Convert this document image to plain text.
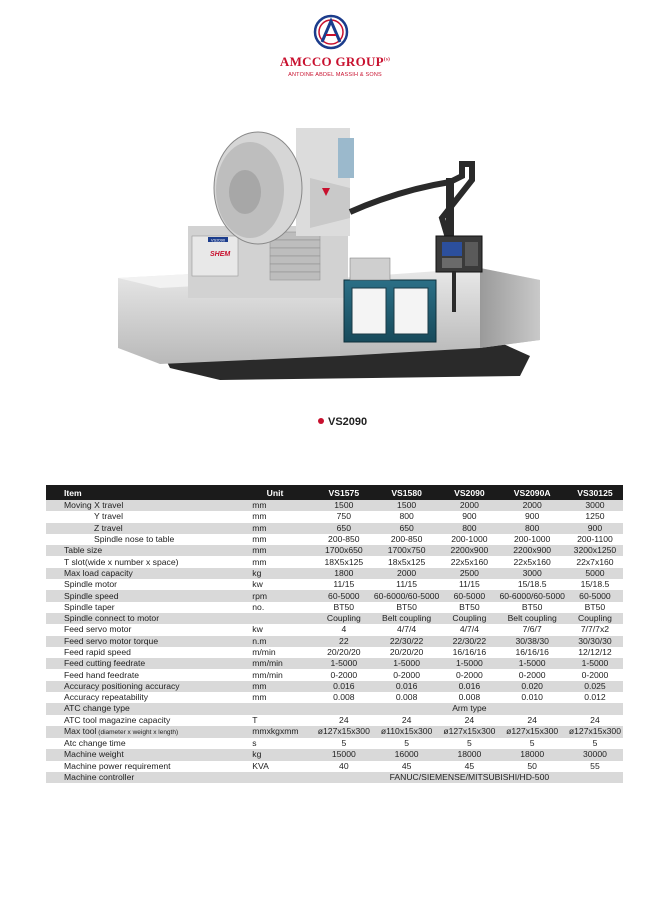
AMCCO GROUP$^{(s)}$
ANTOINE ABDEL MASSIH & SONS
VS2090
SHEM
VS2090
Item	Unit	VS1575	VS1580	VS2090	VS2090A	VS30125
Moving X travel	mm	1500	1500	2000	2000	3000
Y travel	mm	750	800	900	900	1250
Z travel	mm	650	650	800	800	900
Spindle nose to table	mm	200-850	200-850	200-1000	200-1000	200-1100
Table size	mm	1700x650	1700x750	2200x900	2200x900	3200x1250
T slot(wide x number x space)	mm	18X5x125	18x5x125	22x5x160	22x5x160	22x7x160
Max load capacity	kg	1800	2000	2500	3000	5000
Spindle motor	kw	11/15	11/15	11/15	15/18.5	15/18.5
Spindle speed	rpm	60-5000	60-6000/60-5000	60-5000	60-6000/60-5000	60-5000
Spindle taper	no.	BT50	BT50	BT50	BT50	BT50
Spindle connect to motor		Coupling	Belt coupling	Coupling	Belt coupling	Coupling
Feed servo motor	kw	4	4/7/4	4/7/4	7/6/7	7/7/7x2
Feed servo motor torque	n.m	22	22/30/22	22/30/22	30/38/30	30/30/30
Feed rapid speed	m/min	20/20/20	20/20/20	16/16/16	16/16/16	12/12/12
Feed cutting feedrate	mm/min	1-5000	1-5000	1-5000	1-5000	1-5000
Feed hand feedrate	mm/min	0-2000	0-2000	0-2000	0-2000	0-2000
Accuracy positioning accuracy	mm	0.016	0.016	0.016	0.020	0.025
Accuracy repeatability	mm	0.008	0.008	0.008	0.010	0.012
ATC change type		Arm type				
ATC tool magazine capacity	T	24	24	24	24	24
Max tool (diameter x weight x length)	mmxkgxmm	ø127x15x300	ø110x15x300	ø127x15x300	ø127x15x300	ø127x15x300
Atc change time	s	5	5	5	5	5
Machine weight	kg	15000	16000	18000	18000	30000
Machine power requirement	KVA	40	45	45	50	55
Machine controller		FANUC/SIEMENSE/MITSUBISHI/HD-500				
